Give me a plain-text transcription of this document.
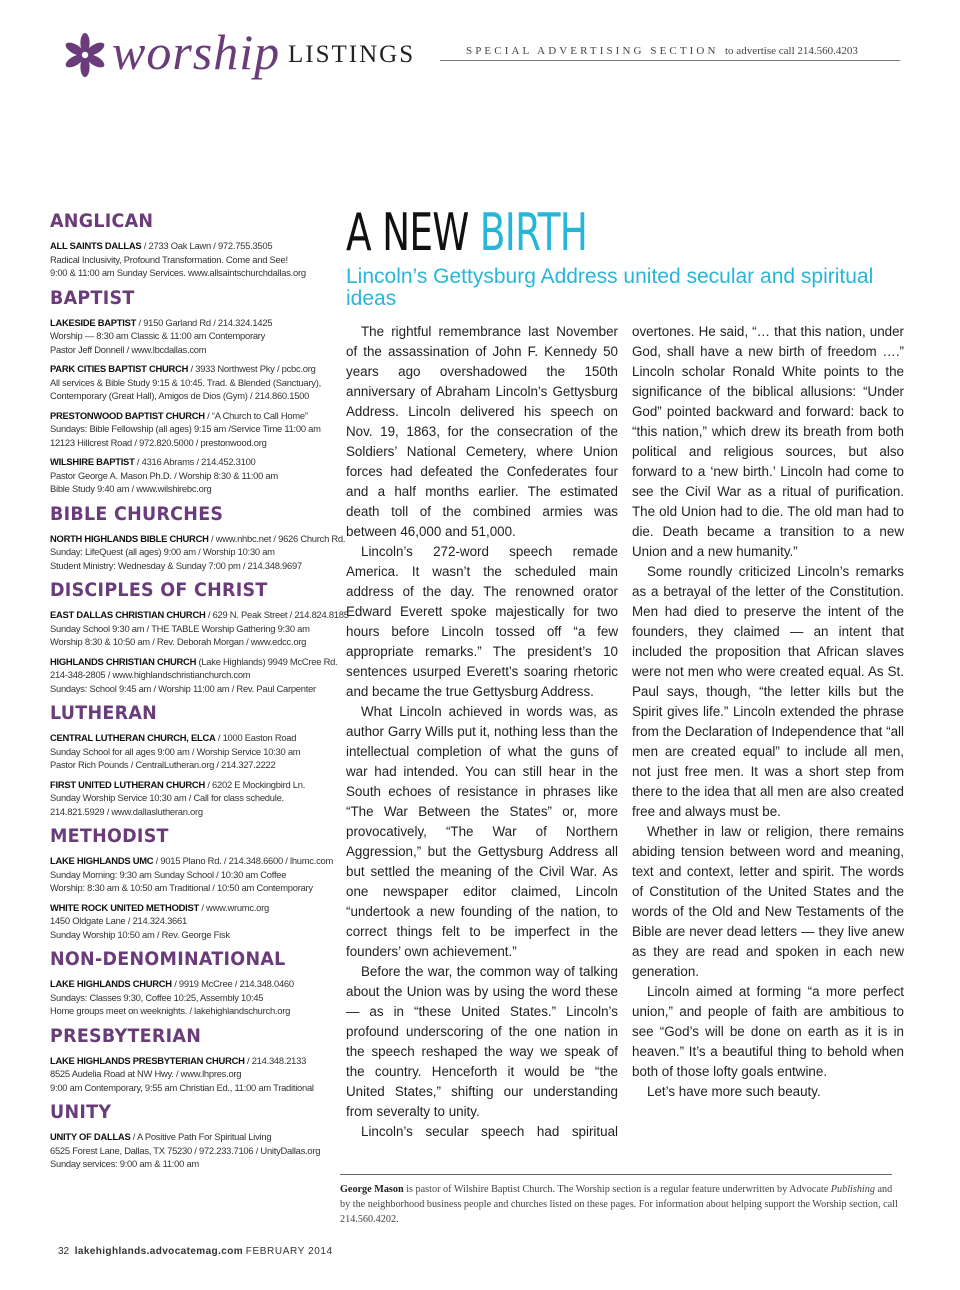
worship LISTINGS	SPECIAL ADVERTISING SECTION to advertise call 214.560.4203
ANGLICAN
ALL SAINTS DALLAS / 2733 Oak Lawn / 972.755.3505
Radical Inclusivity, Profound Transformation. Come and See!
9:00 & 11:00 am Sunday Services. www.allsaintschurchdallas.org
BAPTIST
LAKESIDE BAPTIST / 9150 Garland Rd / 214.324.1425
Worship — 8:30 am Classic & 11:00 am Contemporary
Pastor Jeff Donnell / www.lbcdallas.com
PARK CITIES BAPTIST CHURCH / 3933 Northwest Pky / pcbc.org
All services & Bible Study 9:15 & 10:45. Trad. & Blended (Sanctuary),
Contemporary (Great Hall), Amigos de Dios (Gym) / 214.860.1500
PRESTONWOOD BAPTIST CHURCH / “A Church to Call Home”
Sundays: Bible Fellowship (all ages) 9:15 am /Service Time 11:00 am
12123 Hillcrest Road / 972.820.5000 / prestonwood.org
WILSHIRE BAPTIST / 4316 Abrams / 214.452.3100
Pastor George A. Mason Ph.D. / Worship 8:30 & 11:00 am
Bible Study 9:40 am / www.wilshirebc.org
BIBLE CHURCHES
NORTH HIGHLANDS BIBLE CHURCH / www.nhbc.net / 9626 Church Rd.
Sunday: LifeQuest (all ages) 9:00 am / Worship 10:30 am
Student Ministry: Wednesday & Sunday 7:00 pm / 214.348.9697
DISCIPLES OF CHRIST
EAST DALLAS CHRISTIAN CHURCH / 629 N. Peak Street / 214.824.8185
Sunday School 9:30 am / THE TABLE Worship Gathering 9:30 am
Worship 8:30 & 10:50 am / Rev. Deborah Morgan / www.edcc.org
HIGHLANDS CHRISTIAN CHURCH (Lake Highlands) 9949 McCree Rd.
214-348-2805 / www.highlandschristianchurch.com
Sundays: School 9:45 am / Worship 11:00 am / Rev. Paul Carpenter
LUTHERAN
CENTRAL LUTHERAN CHURCH, ELCA / 1000 Easton Road
Sunday School for all ages 9:00 am / Worship Service 10:30 am
Pastor Rich Pounds / CentralLutheran.org / 214.327.2222
FIRST UNITED LUTHERAN CHURCH / 6202 E Mockingbird Ln.
Sunday Worship Service 10:30 am / Call for class schedule.
214.821.5929 / www.dallaslutheran.org
METHODIST
LAKE HIGHLANDS UMC / 9015 Plano Rd. / 214.348.6600 / lhumc.com
Sunday Morning: 9:30 am Sunday School / 10:30 am Coffee
Worship: 8:30 am & 10:50 am Traditional / 10:50 am Contemporary
WHITE ROCK UNITED METHODIST / www.wrumc.org
1450 Oldgate Lane / 214.324.3661
Sunday Worship 10:50 am / Rev. George Fisk
NON-DENOMINATIONAL
LAKE HIGHLANDS CHURCH / 9919 McCree / 214.348.0460
Sundays: Classes 9:30, Coffee 10:25, Assembly 10:45
Home groups meet on weeknights. / lakehighlandschurch.org
PRESBYTERIAN
LAKE HIGHLANDS PRESBYTERIAN CHURCH / 214.348.2133
8525 Audelia Road at NW Hwy. / www.lhpres.org
9:00 am Contemporary, 9:55 am Christian Ed., 11:00 am Traditional
UNITY
UNITY OF DALLAS / A Positive Path For Spiritual Living
6525 Forest Lane, Dallas, TX 75230 / 972.233.7106 / UnityDallas.org
Sunday services: 9:00 am & 11:00 am
A NEW BIRTH
Lincoln’s Gettysburg Address united secular and spiritual ideas

The rightful remembrance last November of the assassination of John F. Kennedy 50 years ago overshadowed the 150th anniversary of Abraham Lincoln’s Gettysburg Address. Lincoln delivered his speech on Nov. 19, 1863, for the consecration of the Soldiers’ National Cemetery, where Union forces had defeated the Confederates four and a half months earlier. The estimated death toll of the combined armies was between 46,000 and 51,000.

Lincoln’s 272-word speech remade America. It wasn’t the scheduled main address of the day. The renowned orator Edward Everett spoke majestically for two hours before Lincoln tossed off “a few appropriate remarks.” The president’s 10 sentences usurped Everett’s soaring rhetoric and became the true Gettysburg Address.

What Lincoln achieved in words was, as author Garry Wills put it, nothing less than the intellectual completion of what the guns of war had intended. You can still hear in the South echoes of resistance in phrases like “The War Between the States” or, more provocatively, “The War of Northern Aggression,” but the Gettysburg Address all but settled the meaning of the Civil War. As one newspaper editor claimed, Lincoln “undertook a new founding of the nation, to correct things felt to be imperfect in the founders’ own achievement.”

Before the war, the common way of talking about the Union was by using the word these — as in “these United States.” Lincoln’s profound underscoring of the one nation in the speech reshaped the way we speak of the country. Henceforth it would be “the United States,” shifting our understanding from severalty to unity.

Lincoln’s secular speech had spiritual

overtones. He said, “… that this nation, under God, shall have a new birth of freedom ….” Lincoln scholar Ronald White points to the significance of the biblical allusions: “Under God” pointed backward and forward: back to “this nation,” which drew its breath from both political and religious sources, but also forward to a ‘new birth.’ Lincoln had come to see the Civil War as a ritual of purification. The old Union had to die. The old man had to die. Death became a transition to a new Union and a new humanity.”

Some roundly criticized Lincoln’s remarks as a betrayal of the letter of the Constitution. Men had died to preserve the intent of the founders, they claimed — an intent that included the proposition that African slaves were not men who were created equal. As St. Paul says, though, “the letter kills but the Spirit gives life.” Lincoln extended the phrase from the Declaration of Independence that “all men are created equal” to include all men, not just free men. It was a short step from there to the idea that all men are also created free and always must be.

Whether in law or religion, there remains abiding tension between word and meaning, text and context, letter and spirit. The words of Constitution of the United States and the words of the Old and New Testaments of the Bible are never dead letters — they live anew as they are read and spoken in each new generation.

Lincoln aimed at forming “a more perfect union,” and people of faith are ambitious to see “God’s will be done on earth as it is in heaven.” It’s a beautiful thing to behold when both of those lofty goals entwine.

Let’s have more such beauty.

George Mason is pastor of Wilshire Baptist Church. The Worship section is a regular feature underwritten by Advocate Publishing and by the neighborhood business people and churches listed on these pages. For information about helping support the Worship section, call 214.560.4202.
32 lakehighlands.advocatemag.com FEBRUARY 2014
